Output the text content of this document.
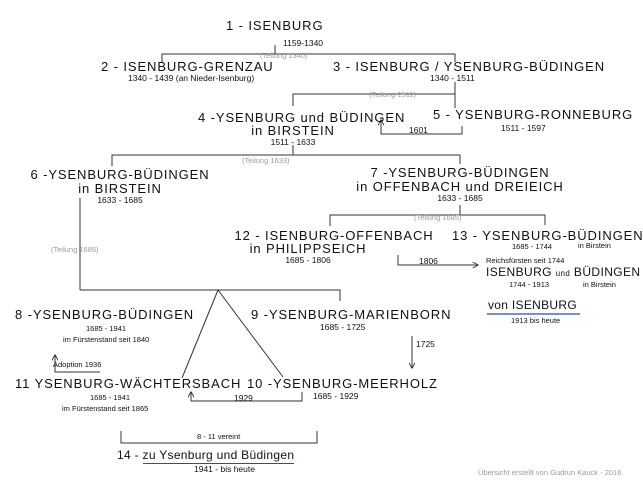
1 - ISENBURG
1159-1340
(Teilung 1340)
2 - ISENBURG-GRENZAU
1340 - 1439 (an Nieder-Isenburg)
3 - ISENBURG / YSENBURG-BÜDINGEN
1340 - 1511
(Teilung 1511)
4 -YSENBURG und BÜDINGEN
in BIRSTEIN
1511 - 1633
5 - YSENBURG-RONNEBURG
1511 - 1597
1601
(Teilung 1633)
6 -YSENBURG-BÜDINGEN
in BIRSTEIN
1633 - 1685
7 -YSENBURG-BÜDINGEN
in OFFENBACH und DREIEICH
1633 - 1685
(Teilung 1685)
(Teilung 1685)
12 - ISENBURG-OFFENBACH
in PHILIPPSEICH
1685 - 1806	1806
13 - YSENBURG-BÜDINGEN
in Birstein
1685 - 1744
Reichsfürsten seit 1744
ISENBURG und BÜDINGEN
1744 - 1913	in Birstein
von ISENBURG
1913 bis heute
8 -YSENBURG-BÜDINGEN
1685 - 1941
im Fürstenstand seit 1840
9 -YSENBURG-MARIENBORN
1685 - 1725
1725
Adoption 1936
11 YSENBURG-WÄCHTERSBACH
1685 - 1941
im Fürstenstand seit 1865
10 -YSENBURG-MEERHOLZ
1685 - 1929
1929
8 - 11 vereint
14 - zu Ysenburg und Büdingen
1941 - bis heute	Übersicht erstellt von Gudrun Kauck - 2016
